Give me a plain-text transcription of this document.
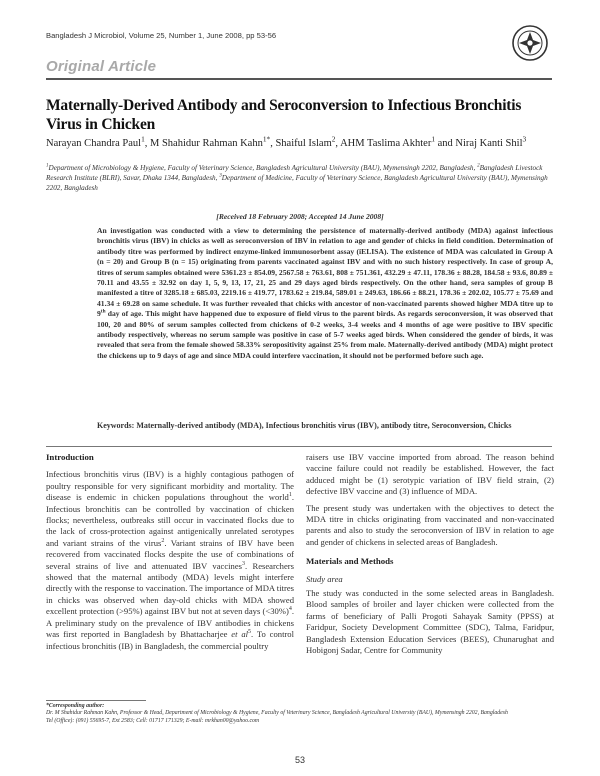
Bangladesh J Microbiol, Volume 25, Number 1, June 2008, pp 53-56
Original Article
Maternally-Derived Antibody and Seroconversion to Infectious Bronchitis Virus in Chicken
Narayan Chandra Paul$^1$, M Shahidur Rahman Kahn$^{1*}$, Shaiful Islam$^2$, AHM Taslima Akhter$^1$ and Niraj Kanti Shil$^3$
$^1$Department of Microbiology & Hygiene, Faculty of Veterinary Science, Bangladesh Agricultural University (BAU), Mymensingh 2202, Bangladesh, $^2$Bangladesh Livestock Research Institute (BLRI), Savar, Dhaka 1344, Bangladesh, $^3$Department of Medicine, Faculty of Veterinary Science, Bangladesh Agricultural University (BAU), Mymensingh 2202, Bangladesh
[Received 18 February 2008; Accepted 14 June 2008]
An investigation was conducted with a view to determining the persistence of maternally-derived antibody (MDA) against infectious bronchitis virus (IBV) in chicks as well as seroconversion of IBV in relation to age and gender of chicks in field condition. Determination of antibody titre was performed by indirect enzyme-linked immunosorbent assay (iELISA). The existence of MDA was calculated in Group A (n = 20) and Group B (n = 15) originating from parents vaccinated against IBV and with no such history respectively. In case of group A, titres of serum samples obtained were 5361.23 ± 854.09, 2567.58 ± 763.61, 808 ± 751.361, 432.29 ± 47.11, 178.36 ± 88.28, 184.58 ± 93.6, 80.89 ± 70.11 and 43.55 ± 32.92 on day 1, 5, 9, 13, 17, 21, 25 and 29 days aged birds respectively. On the other hand, sera samples of group B manifested a titre of 3285.18 ± 685.03, 2219.16 ± 419.77, 1783.62 ± 219.84, 589.01 ± 249.63, 186.66 ± 88.21, 178.36 ± 202.02, 105.77 ± 75.69 and 41.34 ± 69.28 on same schedule. It was further revealed that chicks with ancestor of non-vaccinated parents showed higher MDA titre up to 9th day of age. This might have happened due to exposure of field virus to the parent birds. As regards seroconversion, it was observed that 100, 20 and 80% of serum samples collected from chickens of 0-2 weeks, 3-4 weeks and 4 months of age were positive to IBV specific antibody respectively, whereas no serum sample was positive in case of 5-7 weeks aged birds. When considered the gender of birds, it was revealed that sera from the female showed 58.33% seropositivity against 25% from male. Maternally-derived antibody (MDA) might protect the chickens up to 9 days of age and since MDA could interfere vaccination, it should not be performed before such age.
Keywords: Maternally-derived antibody (MDA), Infectious bronchitis virus (IBV), antibody titre, Seroconversion, Chicks
Introduction

Infectious bronchitis virus (IBV) is a highly contagious pathogen of poultry responsible for very significant morbidity and mortality. The disease is endemic in chicken populations throughout the world$^1$. Infectious bronchitis can be controlled by vaccination of chicken flocks; nevertheless, outbreaks still occur in vaccinated flocks due to the lack of cross-protection against antigenically unrelated serotypes and variant strains of the virus$^2$. Variant strains of IBV have been recovered from vaccinated flocks despite the use of combinations of several strains of live and attenuated IBV vaccines$^3$. Researchers showed that the maternal antibody (MDA) levels might interfere directly with the response to vaccination. The importance of MDA titres in chicks was observed when day-old chicks with MDA showed excellent protection (>95%) against IBV but not at seven days (<30%)$^4$. A preliminary study on the prevalence of IBV antibodies in chickens was first reported in Bangladesh by Bhattacharjee et $al^5$. To control infectious bronchitis (IB) in Bangladesh, the commercial poultry

raisers use IBV vaccine imported from abroad. The reason behind vaccine failure could not readily be established. However, the fact adduced might be (1) serotypic variation of IBV field strain, (2) defective IBV vaccine and (3) influence of MDA.

The present study was undertaken with the objectives to detect the MDA titre in chicks originating from vaccinated and non-vaccinated parents and also to study the seroconversion of IBV in relation to age and gender of chickens in selected areas of Bangladesh.

Materials and Methods
Study area

The study was conducted in the some selected areas in Bangladesh. Blood samples of broiler and layer chicken were collected from the farms of beneficiary of Palli Progoti Sahayak Samity (PPSS) at Faridpur, Society Development Committee (SDC), Talma, Faridpur, Bangladesh Extension Education Services (BEES), Chunarughat and Hobigonj Sadar, Centre for Community

*Corresponding author:
Dr. M Shahidur Rahman Kahn, Professor & Head, Department of Microbiology & Hygiene, Faculty of Veterinary Science, Bangladesh Agricultural University (BAU), Mymensingh 2202, Bangladesh
Tel (Office): (091) 55695-7, Ext 2583; Cell: 01717 171329; E-mail: mrkhan00@yahoo.com
53
